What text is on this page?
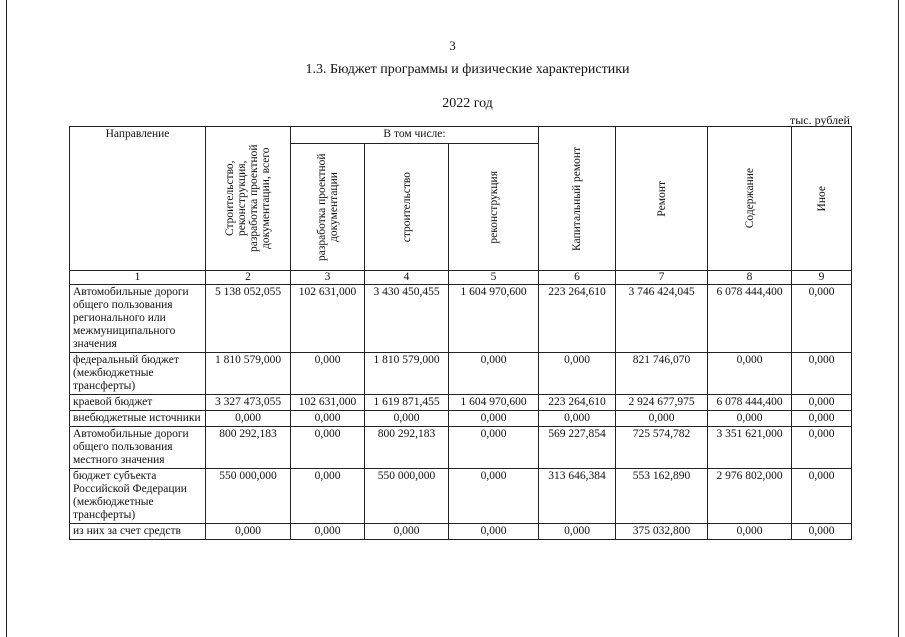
3
1.3. Бюджет программы и физические характеристики
2022 год
тыс. рублей
Направление	Строительство, реконструкция, разработка проектной документации, всего	В том числе:			Капитальный ремонт	Ремонт	Содержание	Иное

		разработка проектной документации	строительство	реконструкция				

1	2	3	4	5	6	7	8	9
Автомобильные дороги общего пользования регионального или межмуниципального значения	5 138 052,055	102 631,000	3 430 450,455	1 604 970,600	223 264,610	3 746 424,045	6 078 444,400	0,000
федеральный бюджет (межбюджетные трансферты)	1 810 579,000	0,000	1 810 579,000	0,000	0,000	821 746,070	0,000	0,000
краевой бюджет	3 327 473,055	102 631,000	1 619 871,455	1 604 970,600	223 264,610	2 924 677,975	6 078 444,400	0,000
внебюджетные источники	0,000	0,000	0,000	0,000	0,000	0,000	0,000	0,000
Автомобильные дороги общего пользования местного значения	800 292,183	0,000	800 292,183	0,000	569 227,854	725 574,782	3 351 621,000	0,000
бюджет субъекта Российской Федерации (межбюджетные трансферты)	550 000,000	0,000	550 000,000	0,000	313 646,384	553 162,890	2 976 802,000	0,000
из них за счет средств	0,000	0,000	0,000	0,000	0,000	375 032,800	0,000	0,000
